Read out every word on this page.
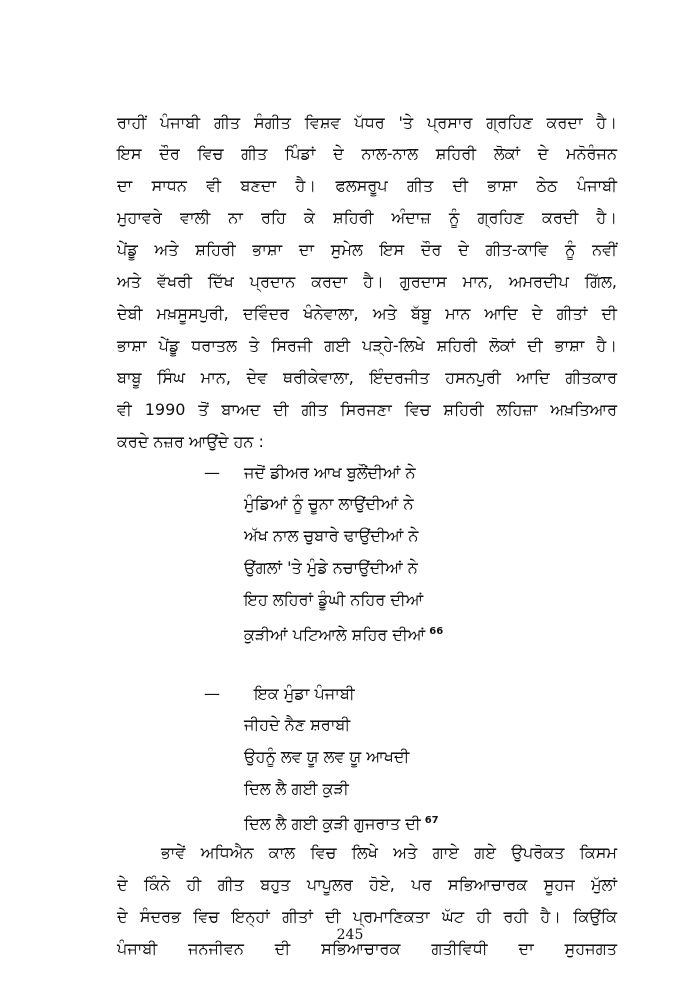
ਰਾਹੀਂ ਪੰਜਾਬੀ ਗੀਤ ਸੰਗੀਤ ਵਿਸ਼ਵ ਪੱਧਰ 'ਤੇ ਪ੍ਰਸਾਰ ਗ੍ਰਹਿਣ ਕਰਦਾ ਹੈ।
ਇਸ ਦੌਰ ਵਿਚ ਗੀਤ ਪਿੰਡਾਂ ਦੇ ਨਾਲ-ਨਾਲ ਸ਼ਹਿਰੀ ਲੋਕਾਂ ਦੇ ਮਨੋਰੰਜਨ
ਦਾ ਸਾਧਨ ਵੀ ਬਣਦਾ ਹੈ। ਫਲਸਰੂਪ ਗੀਤ ਦੀ ਭਾਸ਼ਾ ਠੇਠ ਪੰਜਾਬੀ
ਮੁਹਾਵਰੇ ਵਾਲੀ ਨਾ ਰਹਿ ਕੇ ਸ਼ਹਿਰੀ ਅੰਦਾਜ਼ ਨੂੰ ਗ੍ਰਹਿਣ ਕਰਦੀ ਹੈ।
ਪੇਂਡੂ ਅਤੇ ਸ਼ਹਿਰੀ ਭਾਸ਼ਾ ਦਾ ਸੁਮੇਲ ਇਸ ਦੌਰ ਦੇ ਗੀਤ-ਕਾਵਿ ਨੂੰ ਨਵੀਂ
ਅਤੇ ਵੱਖਰੀ ਦਿੱਖ ਪ੍ਰਦਾਨ ਕਰਦਾ ਹੈ। ਗੁਰਦਾਸ ਮਾਨ, ਅਮਰਦੀਪ ਗਿੱਲ,
ਦੇਬੀ ਮਖ਼ਸੂਸਪੁਰੀ, ਦਵਿੰਦਰ ਖੰਨੇਵਾਲਾ, ਅਤੇ ਬੱਬੂ ਮਾਨ ਆਦਿ ਦੇ ਗੀਤਾਂ ਦੀ
ਭਾਸ਼ਾ ਪੇਂਡੂ ਧਰਾਤਲ ਤੇ ਸਿਰਜੀ ਗਈ ਪੜ੍ਹੇ-ਲਿਖੇ ਸ਼ਹਿਰੀ ਲੋਕਾਂ ਦੀ ਭਾਸ਼ਾ ਹੈ।
ਬਾਬੂ ਸਿੰਘ ਮਾਨ, ਦੇਵ ਥਰੀਕੇਵਾਲਾ, ਇੰਦਰਜੀਤ ਹਸਨਪੁਰੀ ਆਦਿ ਗੀਤਕਾਰ
ਵੀ 1990 ਤੋਂ ਬਾਅਦ ਦੀ ਗੀਤ ਸਿਰਜਣਾ ਵਿਚ ਸ਼ਹਿਰੀ ਲਹਿਜ਼ਾ ਅਖ਼ਤਿਆਰ
ਕਰਦੇ ਨਜ਼ਰ ਆਉਂਦੇ ਹਨ :
— ਜਦੋਂ ਡੀਅਰ ਆਖ ਬੁਲੌਂਦੀਆਂ ਨੇ
ਮੁੰਡਿਆਂ ਨੂੰ ਚੂਨਾ ਲਾਉਂਦੀਆਂ ਨੇ
ਅੱਖ ਨਾਲ ਚੁਬਾਰੇ ਢਾਉਂਦੀਆਂ ਨੇ
ਉਂਗਲਾਂ 'ਤੇ ਮੁੰਡੇ ਨਚਾਉਂਦੀਆਂ ਨੇ
ਇਹ ਲਹਿਰਾਂ ਡੂੰਘੀ ਨਹਿਰ ਦੀਆਂ
ਕੁੜੀਆਂ ਪਟਿਆਲੇ ਸ਼ਹਿਰ ਦੀਆਂ $^{66}$
— ਇਕ ਮੁੰਡਾ ਪੰਜਾਬੀ
ਜੀਹਦੇ ਨੈਣ ਸ਼ਰਾਬੀ
ਉਹਨੂੰ ਲਵ ਯੂ ਲਵ ਯੂ ਆਖਦੀ
ਦਿਲ ਲੈ ਗਈ ਕੁੜੀ
ਦਿਲ ਲੈ ਗਈ ਕੁੜੀ ਗੁਜਰਾਤ ਦੀ $^{67}$
ਭਾਵੇਂ ਅਧਿਐਨ ਕਾਲ ਵਿਚ ਲਿਖੇ ਅਤੇ ਗਾਏ ਗਏ ਉਪਰੋਕਤ ਕਿਸਮ
ਦੇ ਕਿੰਨੇ ਹੀ ਗੀਤ ਬਹੁਤ ਪਾਪੂਲਰ ਹੋਏ, ਪਰ ਸਭਿਆਚਾਰਕ ਸੂਹਜ ਮੁੱਲਾਂ
ਦੇ ਸੰਦਰਭ ਵਿਚ ਇਨ੍ਹਾਂ ਗੀਤਾਂ ਦੀ ਪ੍ਰਮਾਣਿਕਤਾ ਘੱਟ ਹੀ ਰਹੀ ਹੈ। ਕਿਉਂਕਿ
ਪੰਜਾਬੀ ਜਨਜੀਵਨ ਦੀ ਸਭਿਆਚਾਰਕ ਗਤੀਵਿਧੀ ਦਾ ਸੁਹਜਗਤ
245
